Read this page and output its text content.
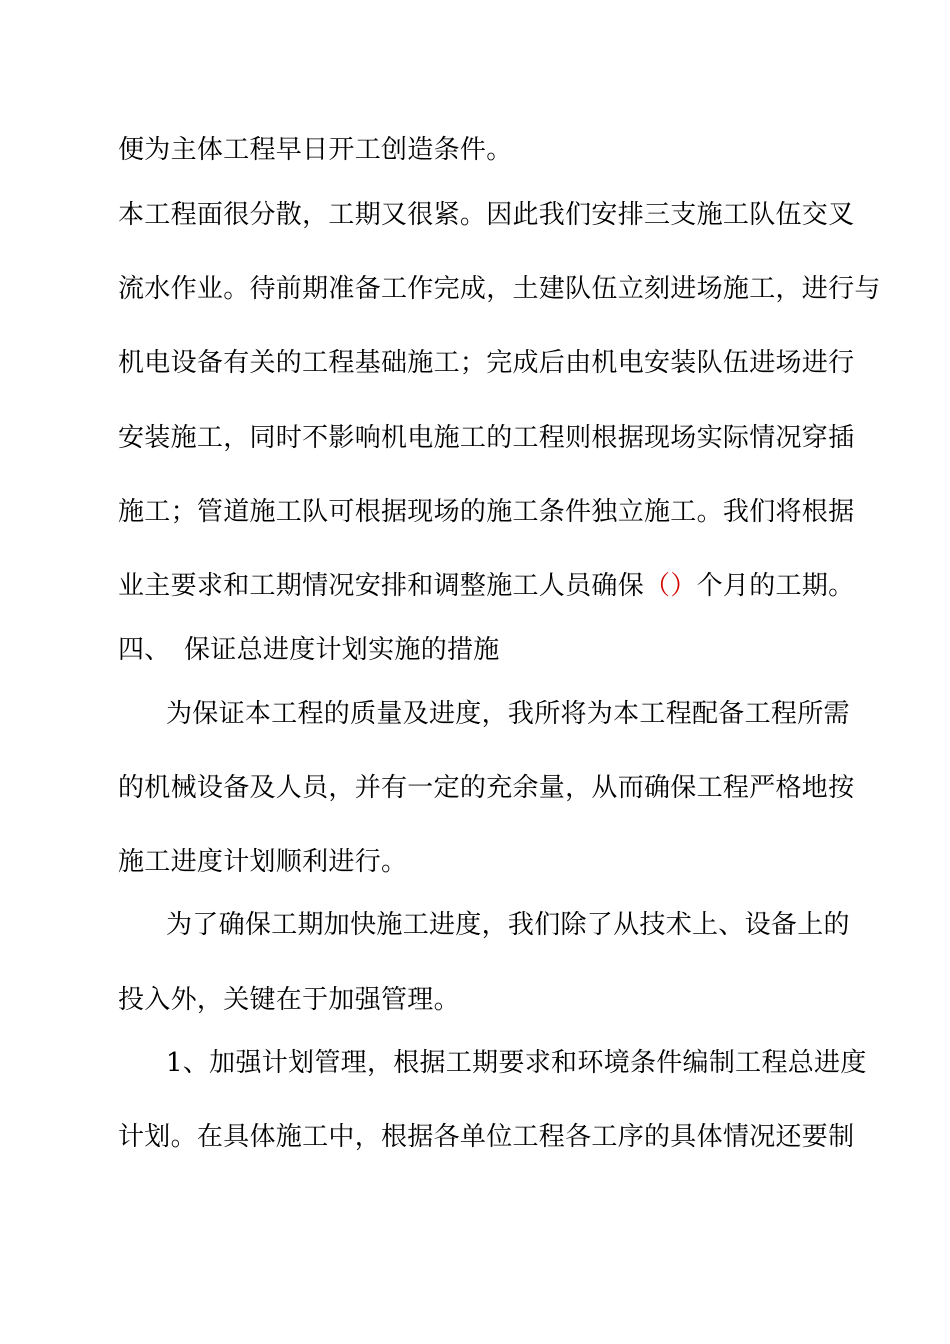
便为主体工程早日开工创造条件。
本工程面很分散，工期又很紧。因此我们安排三支施工队伍交叉
流水作业。待前期准备工作完成，土建队伍立刻进场施工，进行与
机电设备有关的工程基础施工；完成后由机电安装队伍进场进行
安装施工，同时不影响机电施工的工程则根据现场实际情况穿插
施工；管道施工队可根据现场的施工条件独立施工。我们将根据
业主要求和工期情况安排和调整施工人员确保（）个月的工期。
四、 保证总进度计划实施的措施
为保证本工程的质量及进度，我所将为本工程配备工程所需
的机械设备及人员，并有一定的充余量，从而确保工程严格地按
施工进度计划顺利进行。
为了确保工期加快施工进度，我们除了从技术上、设备上的
投入外，关键在于加强管理。
1、加强计划管理，根据工期要求和环境条件编制工程总进度
计划。在具体施工中，根据各单位工程各工序的具体情况还要制
